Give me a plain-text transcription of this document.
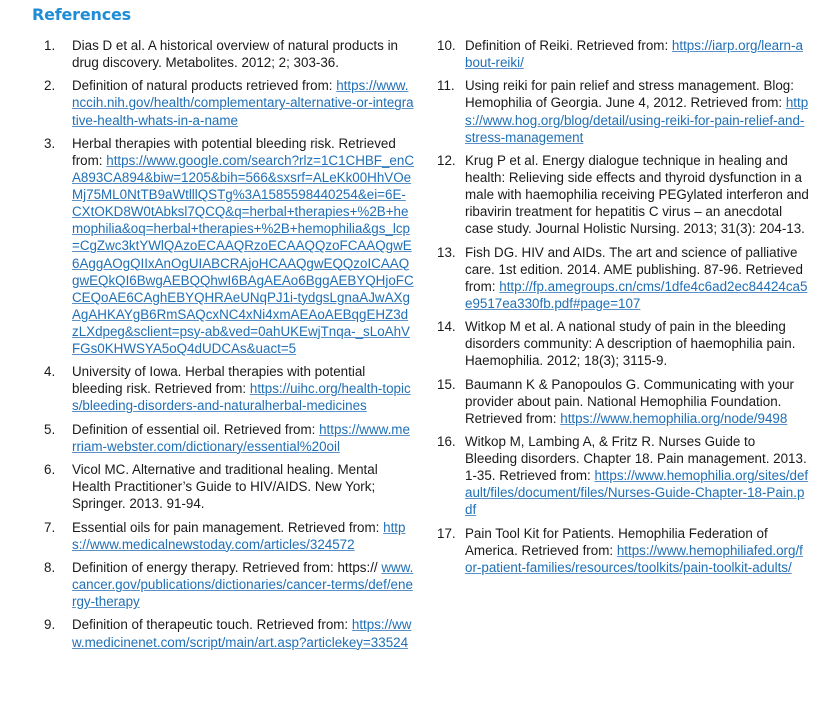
References
1.	Dias D et al. A historical overview of natural products in drug discovery. Metabolites. 2012; 2; 303-36.
2.	Definition of natural products retrieved from: https://www.nccih.nih.gov/health/complementary-alternative-or-integrative-health-whats-in-a-name
3.	Herbal therapies with potential bleeding risk. Retrieved from: https://www.google.com/search?rlz=1C1CHBF_enCA893CA894&biw=1205&bih=566&sxsrf=ALeKk00HhVOeMj75ML0NtTB9aWtlllQSTg%3A1585598440254&ei=6E-CXtOKD8W0tAbksl7QCQ&q=herbal+therapies+%2B+hemophilia&oq=herbal+therapies+%2B+hemophilia&gs_lcp=CgZwc3ktYWlQAzoECAAQRzoECAAQQzoFCAAQgwE6AggAOgQIIxAnOgUIABCRAjoHCAAQgwEQQzoICAAQgwEQkQI6BwgAEBQQhwI6BAgAEAo6BggAEBYQHjoFCCEQoAE6CAghEBYQHRAeUNqPJ1i-tydgsLgnaAJwAXgAgAHKAYgB6RmSAQcxNC4xNi4xmAEAoAEBqgEHZ3dzLXdpeg&sclient=psy-ab&ved=0ahUKEwjTnqa-_sLoAhVFGs0KHWSYA5oQ4dUDCAs&uact=5
4.	University of Iowa. Herbal therapies with potential bleeding risk. Retrieved from: https://uihc.org/health-topics/bleeding-disorders-and-naturalherbal-medicines
5.	Definition of essential oil. Retrieved from: https://www.merriam-webster.com/dictionary/essential%20oil
6.	Vicol MC. Alternative and traditional healing. Mental Health Practitioner’s Guide to HIV/AIDS. New York; Springer. 2013. 91-94.
7.	Essential oils for pain management. Retrieved from: https://www.medicalnewstoday.com/articles/324572
8.	Definition of energy therapy. Retrieved from: https:// www.cancer.gov/publications/dictionaries/cancer-terms/def/energy-therapy
9.	Definition of therapeutic touch. Retrieved from: https://www.medicinenet.com/script/main/art.asp?articlekey=33524
10. Definition of Reiki. Retrieved from: https://iarp.org/learn-about-reiki/
11. Using reiki for pain relief and stress management. Blog: Hemophilia of Georgia. June 4, 2012. Retrieved from: https://www.hog.org/blog/detail/using-reiki-for-pain-relief-and-stress-management
12. Krug P et al. Energy dialogue technique in healing and health: Relieving side effects and thyroid dysfunction in a male with haemophilia receiving PEGylated interferon and ribavirin treatment for hepatitis C virus – an anecdotal case study. Journal Holistic Nursing. 2013; 31(3): 204-13.
13. Fish DG. HIV and AIDs. The art and science of palliative care. 1st edition. 2014. AME publishing. 87-96. Retrieved from: http://fp.amegroups.cn/cms/1dfe4c6ad2ec84424ca5e9517ea330fb.pdf#page=107
14. Witkop M et al. A national study of pain in the bleeding disorders community: A description of haemophilia pain. Haemophilia. 2012; 18(3); 3115-9.
15. Baumann K & Panopoulos G. Communicating with your provider about pain. National Hemophilia Foundation. Retrieved from: https://www.hemophilia.org/node/9498
16. Witkop M, Lambing A, & Fritz R. Nurses Guide to Bleeding disorders. Chapter 18. Pain management. 2013. 1-35. Retrieved from: https://www.hemophilia.org/sites/default/files/document/files/Nurses-Guide-Chapter-18-Pain.pdf
17. Pain Tool Kit for Patients. Hemophilia Federation of America. Retrieved from: https://www.hemophiliafed.org/for-patient-families/resources/toolkits/pain-toolkit-adults/
